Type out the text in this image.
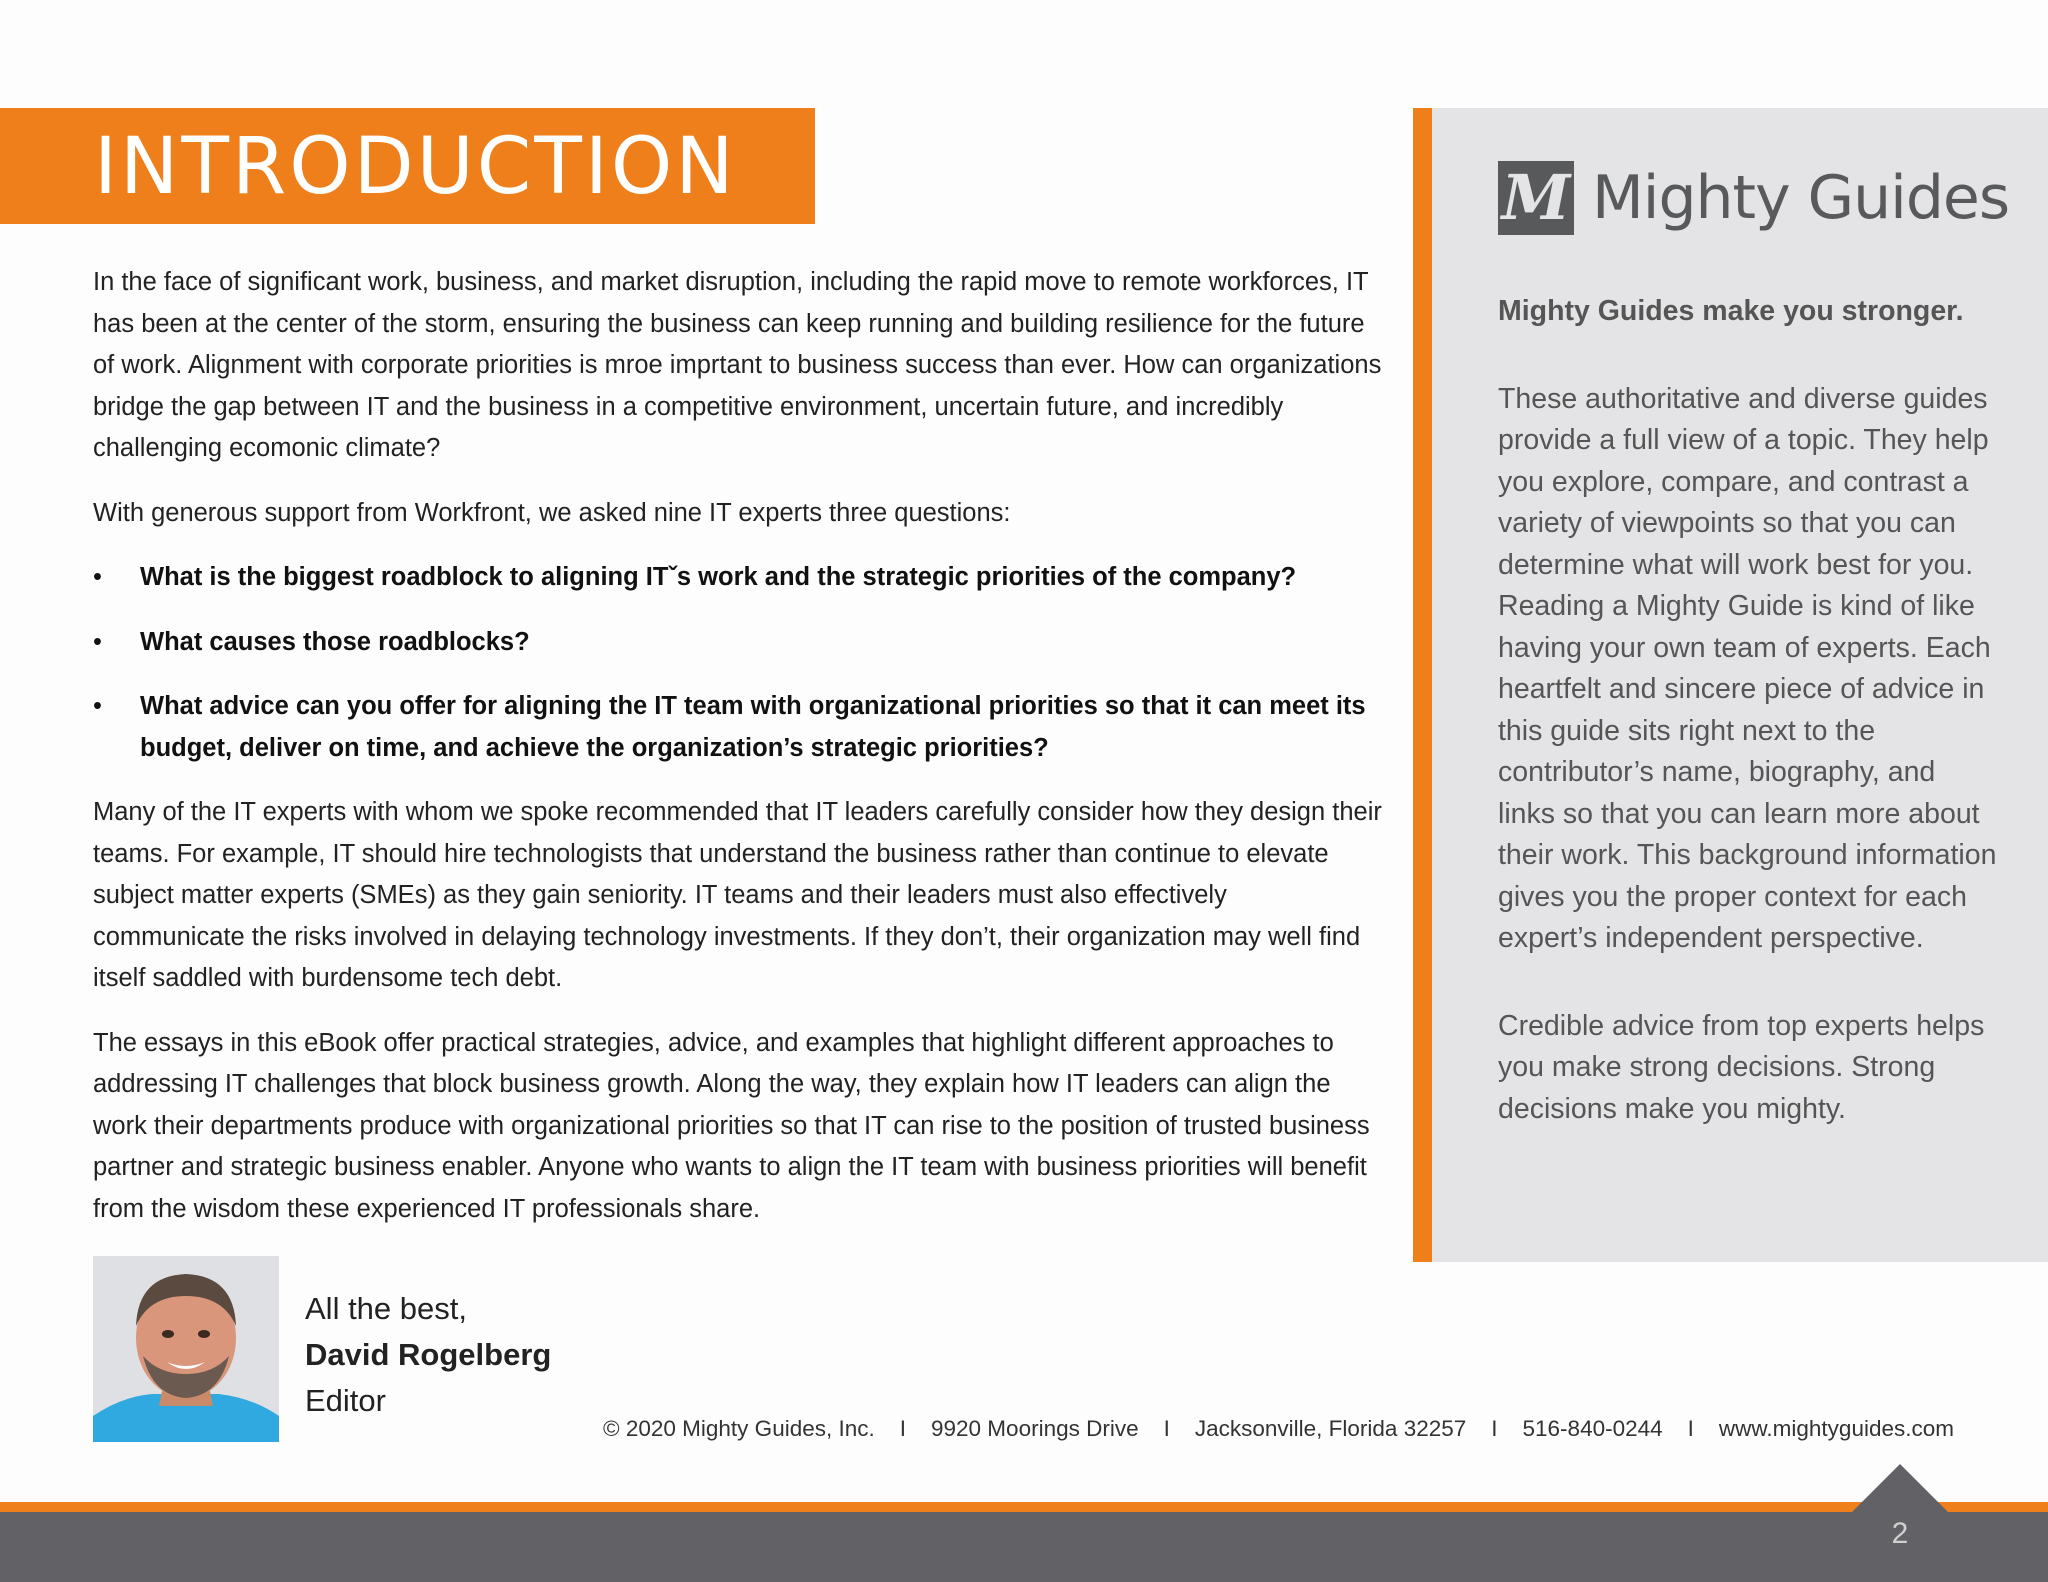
INTRODUCTION

In the face of significant work, business, and market disruption, including the rapid move to remote workforces, IT has been at the center of the storm, ensuring the business can keep running and building resilience for the future of work. Alignment with corporate priorities is mroe imprtant to business success than ever. How can organizations bridge the gap between IT and the business in a competitive environment, uncertain future, and incredibly challenging ecomonic climate?

With generous support from Workfront, we asked nine IT experts three questions:

• What is the biggest roadblock to aligning ITˇs work and the strategic priorities of the company?
• What causes those roadblocks?
• What advice can you offer for aligning the IT team with organizational priorities so that it can meet its budget, deliver on time, and achieve the organization’s strategic priorities?

Many of the IT experts with whom we spoke recommended that IT leaders carefully consider how they design their teams. For example, IT should hire technologists that understand the business rather than continue to elevate subject matter experts (SMEs) as they gain seniority. IT teams and their leaders must also effectively communicate the risks involved in delaying technology investments. If they don’t, their organization may well find itself saddled with burdensome tech debt.

The essays in this eBook offer practical strategies, advice, and examples that highlight different approaches to addressing IT challenges that block business growth. Along the way, they explain how IT leaders can align the work their departments produce with organizational priorities so that IT can rise to the position of trusted business partner and strategic business enabler. Anyone who wants to align the IT team with business priorities will benefit from the wisdom these experienced IT professionals share.

M Mighty Guides

Mighty Guides make you stronger.

These authoritative and diverse guides provide a full view of a topic. They help you explore, compare, and contrast a variety of viewpoints so that you can determine what will work best for you. Reading a Mighty Guide is kind of like having your own team of experts. Each heartfelt and sincere piece of advice in this guide sits right next to the contributor’s name, biography, and links so that you can learn more about their work. This background information gives you the proper context for each expert’s independent perspective.

Credible advice from top experts helps you make strong decisions. Strong decisions make you mighty.

All the best,
David Rogelberg
Editor
© 2020 Mighty Guides, Inc.    I    9920 Moorings Drive    I    Jacksonville, Florida 32257    I    516-840-0244    I    www.mightyguides.com
2
